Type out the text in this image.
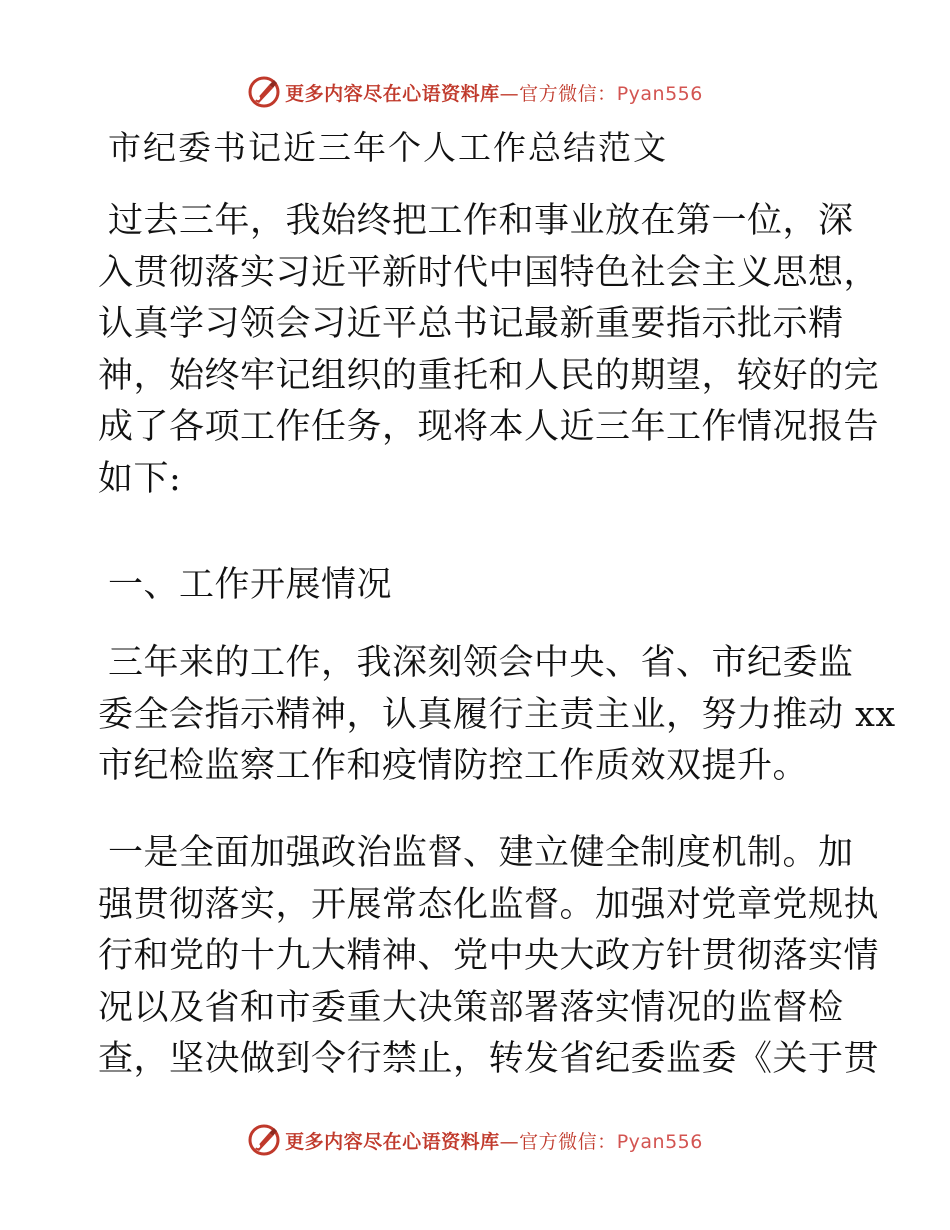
更多内容尽在心语资料库—官方微信：Pyan556
市纪委书记近三年个人工作总结范文
过去三年，我始终把工作和事业放在第一位，深
入贯彻落实习近平新时代中国特色社会主义思想，
认真学习领会习近平总书记最新重要指示批示精
神，始终牢记组织的重托和人民的期望，较好的完
成了各项工作任务，现将本人近三年工作情况报告
如下:
一、工作开展情况
三年来的工作，我深刻领会中央、省、市纪委监
委全会指示精神，认真履行主责主业，努力推动 xx
市纪检监察工作和疫情防控工作质效双提升。
一是全面加强政治监督、建立健全制度机制。加
强贯彻落实，开展常态化监督。加强对党章党规执
行和党的十九大精神、党中央大政方针贯彻落实情
况以及省和市委重大决策部署落实情况的监督检
查，坚决做到令行禁止，转发省纪委监委《关于贯
更多内容尽在心语资料库—官方微信：Pyan556
